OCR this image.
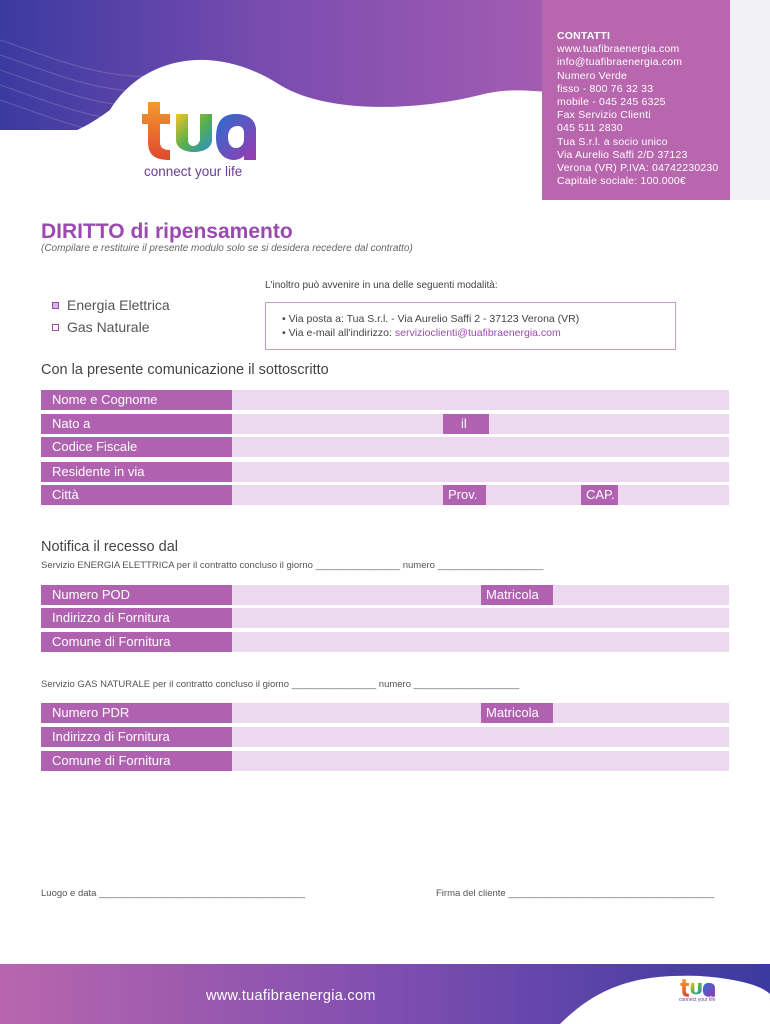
CONTATTI
www.tuafibraenergia.com
info@tuafibraenergia.com
Numero Verde
fisso - 800 76 32 33
mobile - 045 245 6325
Fax Servizio Clienti
045 511 2830
Tua S.r.l. a socio unico
Via Aurelio Saffi 2/D 37123
Verona (VR) P.IVA: 04742230230
Capitale sociale: 100.000€
connect your life
DIRITTO di ripensamento
(Compilare e restituire il presente modulo solo se si desidera recedere dal contratto)
L'inoltro può avvenire in una delle seguenti modalità:
Energia Elettrica
Gas Naturale	• Via posta a: Tua S.r.l. - Via Aurelio Saffi 2 - 37123 Verona (VR)
• Via e-mail all'indirizzo: servizioclienti@tuafibraenergia.com
Con la presente comunicazione il sottoscritto
Nome e Cognome
Nato a	il
Codice Fiscale
Residente in via
Città	Prov.	CAP.
Notifica il recesso dal
Servizio ENERGIA ELETTRICA per il contratto concluso il giorno ________________ numero ____________________
Numero POD	Matricola
Indirizzo di Fornitura
Comune di Fornitura
Servizio GAS NATURALE per il contratto concluso il giorno ________________ numero ____________________
Numero PDR	Matricola
Indirizzo di Fornitura
Comune di Fornitura
Luogo e data _______________________________________	Firma del cliente _______________________________________
www.tuafibraenergia.com	connect your life
